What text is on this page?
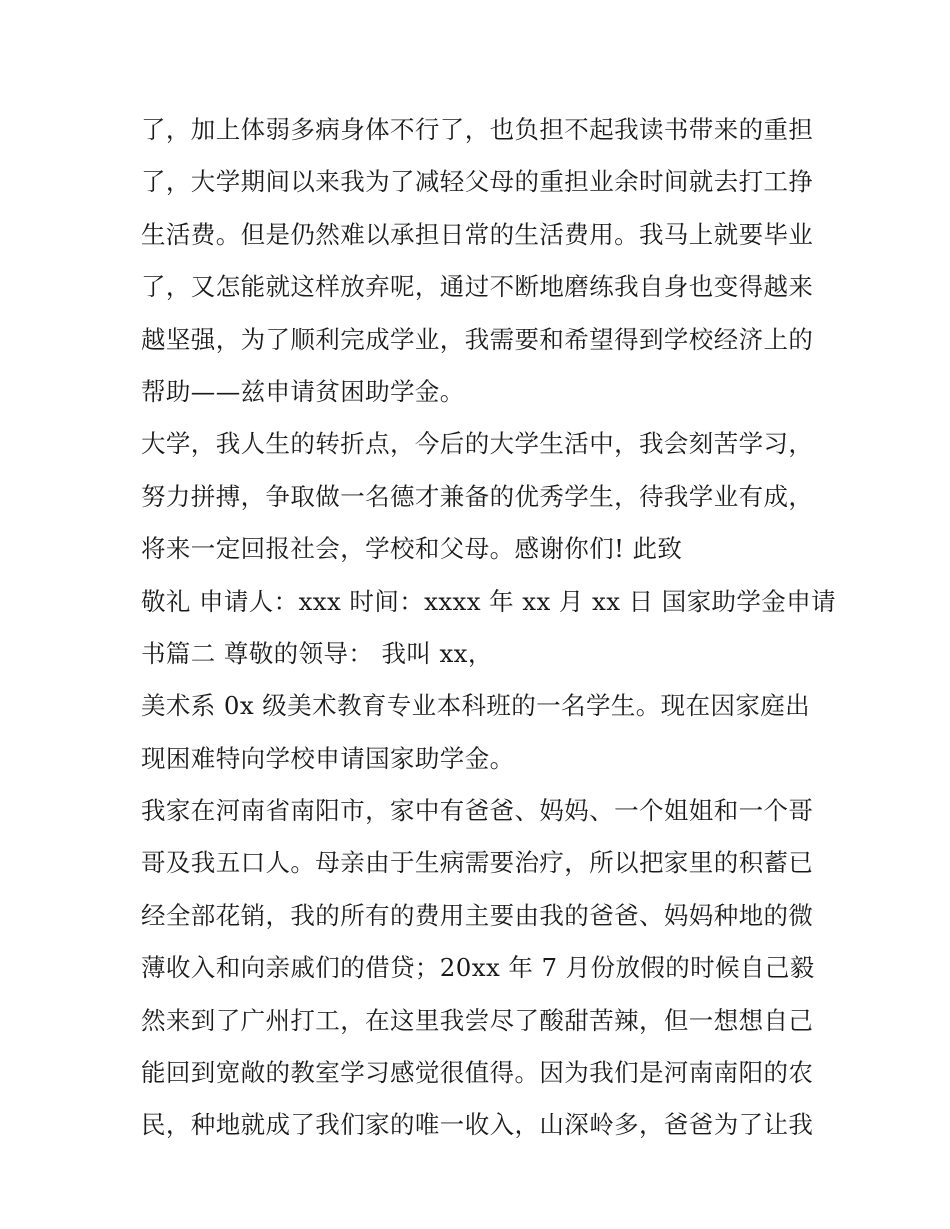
了，加上体弱多病身体不行了，也负担不起我读书带来的重担
了，大学期间以来我为了减轻父母的重担业余时间就去打工挣
生活费。但是仍然难以承担日常的生活费用。我马上就要毕业
了，又怎能就这样放弃呢，通过不断地磨练我自身也变得越来
越坚强，为了顺利完成学业，我需要和希望得到学校经济上的
帮助——兹申请贫困助学金。
大学，我人生的转折点，今后的大学生活中，我会刻苦学习，
努力拼搏，争取做一名德才兼备的优秀学生，待我学业有成，
将来一定回报社会，学校和父母。感谢你们! 此致
敬礼 申请人：xxx 时间：xxxx 年 xx 月 xx 日 国家助学金申请
书篇二 尊敬的领导： 我叫 xx，
美术系 0x 级美术教育专业本科班的一名学生。现在因家庭出
现困难特向学校申请国家助学金。
我家在河南省南阳市，家中有爸爸、妈妈、一个姐姐和一个哥
哥及我五口人。母亲由于生病需要治疗，所以把家里的积蓄已
经全部花销，我的所有的费用主要由我的爸爸、妈妈种地的微
薄收入和向亲戚们的借贷；20xx 年 7 月份放假的时候自己毅
然来到了广州打工，在这里我尝尽了酸甜苦辣，但一想想自己
能回到宽敞的教室学习感觉很值得。因为我们是河南南阳的农
民，种地就成了我们家的唯一收入，山深岭多，爸爸为了让我
